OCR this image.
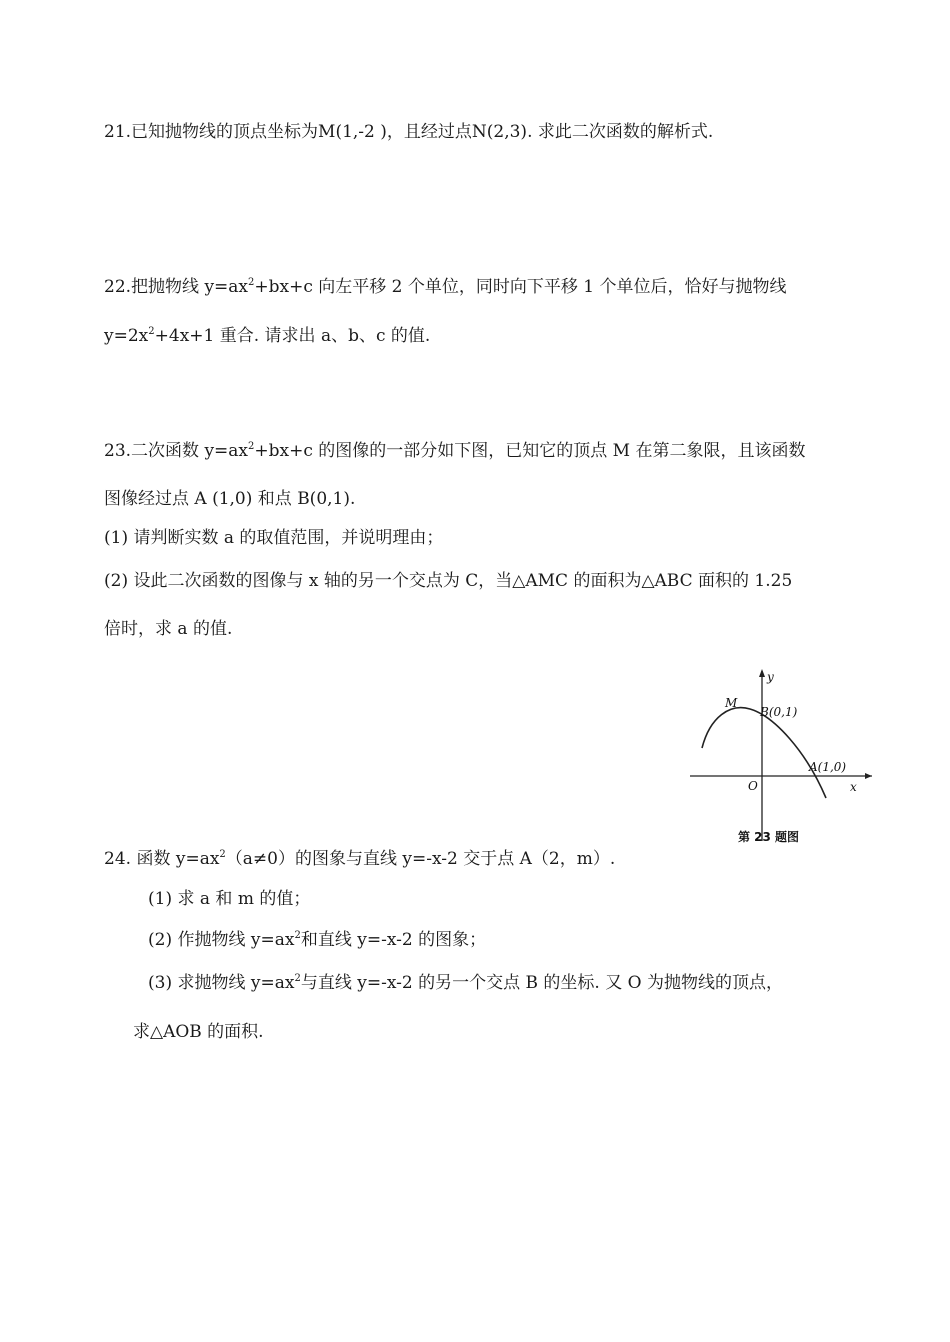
21.已知抛物线的顶点坐标为M(1,-2 )，且经过点N(2,3). 求此二次函数的解析式.
22.把抛物线 $y=ax^2+bx+c$ 向左平移 2 个单位，同时向下平移 1 个单位后，恰好与抛物线
$y=2x^2+4x+1$ 重合. 请求出 a、b、c 的值.
23.二次函数 $y=ax^2+bx+c$ 的图像的一部分如下图，已知它的顶点 M 在第二象限，且该函数
图像经过点 A (1,0) 和点 B(0,1).
(1) 请判断实数 a 的取值范围，并说明理由；
(2) 设此二次函数的图像与 x 轴的另一个交点为 C，当△AMC 的面积为△ABC 面积的 1.25
倍时，求 a 的值.
y
x
M
B(0,1)
A(1,0)
O
第 23 题图
24. 函数 $y=ax^2(a\ne 0)$的图象与直线 y=-x-2 交于点 A（2，m）.
(1) 求 a 和 m 的值；
(2) 作抛物线 $y=ax^2$和直线 y=-x-2 的图象；
(3) 求抛物线 $y=ax^2$与直线 y=-x-2 的另一个交点 B 的坐标. 又 O 为抛物线的顶点，
求△AOB 的面积.
